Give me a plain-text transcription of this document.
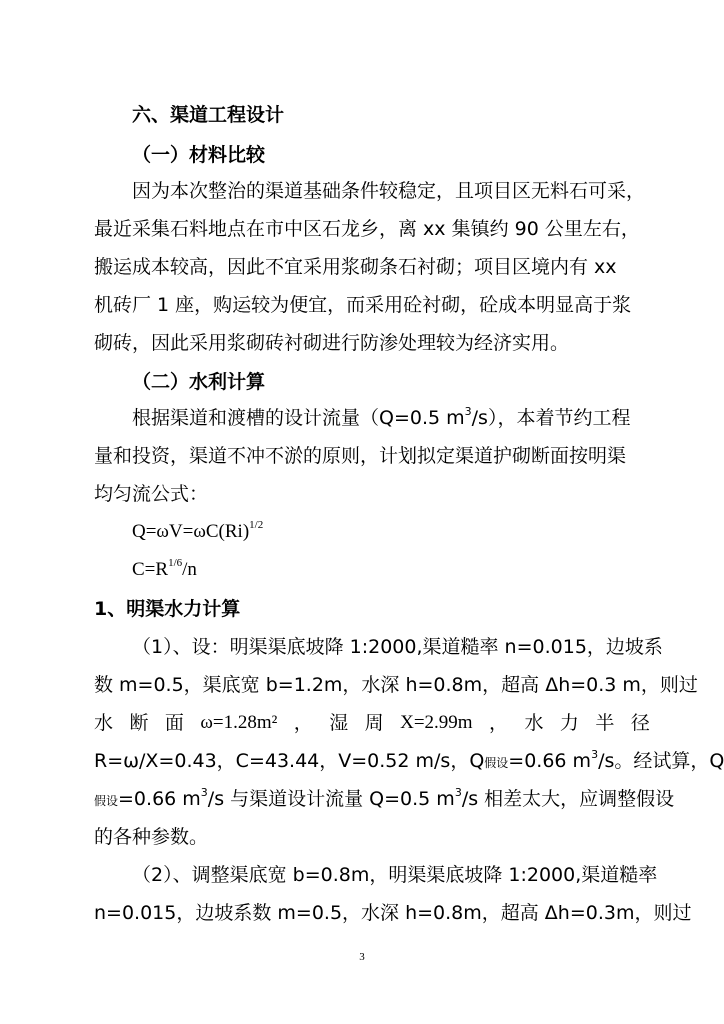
六、渠道工程设计
（一）材料比较
因为本次整治的渠道基础条件较稳定，且项目区无料石可采，
最近采集石料地点在市中区石龙乡，离 xx 集镇约 90 公里左右，
搬运成本较高，因此不宜采用浆砌条石衬砌；项目区境内有 xx
机砖厂 1 座，购运较为便宜，而采用砼衬砌，砼成本明显高于浆
砌砖，因此采用浆砌砖衬砌进行防渗处理较为经济实用。
（二）水利计算
根据渠道和渡槽的设计流量（Q=0.5 $m^3/s$），本着节约工程
量和投资，渠道不冲不淤的原则，计划拟定渠道护砌断面按明渠
均匀流公式：
$Q=\omega V=\omega C(Ri)^{1/2}$
$C=R^{1/6}/n$
1、明渠水力计算
（1）、设：明渠渠底坡降 1:2000,渠道糙率 n=0.015，边坡系
数 m=0.5，渠底宽 b=1.2m，水深 h=0.8m，超高 Δh=0.3 m，则过
水 断 面 ω=1.28m² ， 湿 周 X=2.99m ， 水 力 半 径
R=ω/X=0.43，C=43.44，V=0.52 m/s，Q假设=0.66 $m^3/s$。经试算，Q
假设=0.66 $m^3/s$ 与渠道设计流量 Q=0.5 $m^3/s$ 相差太大，应调整假设
的各种参数。
（2）、调整渠底宽 b=0.8m，明渠渠底坡降 1:2000,渠道糙率
n=0.015，边坡系数 m=0.5，水深 h=0.8m，超高 Δh=0.3m，则过
3
